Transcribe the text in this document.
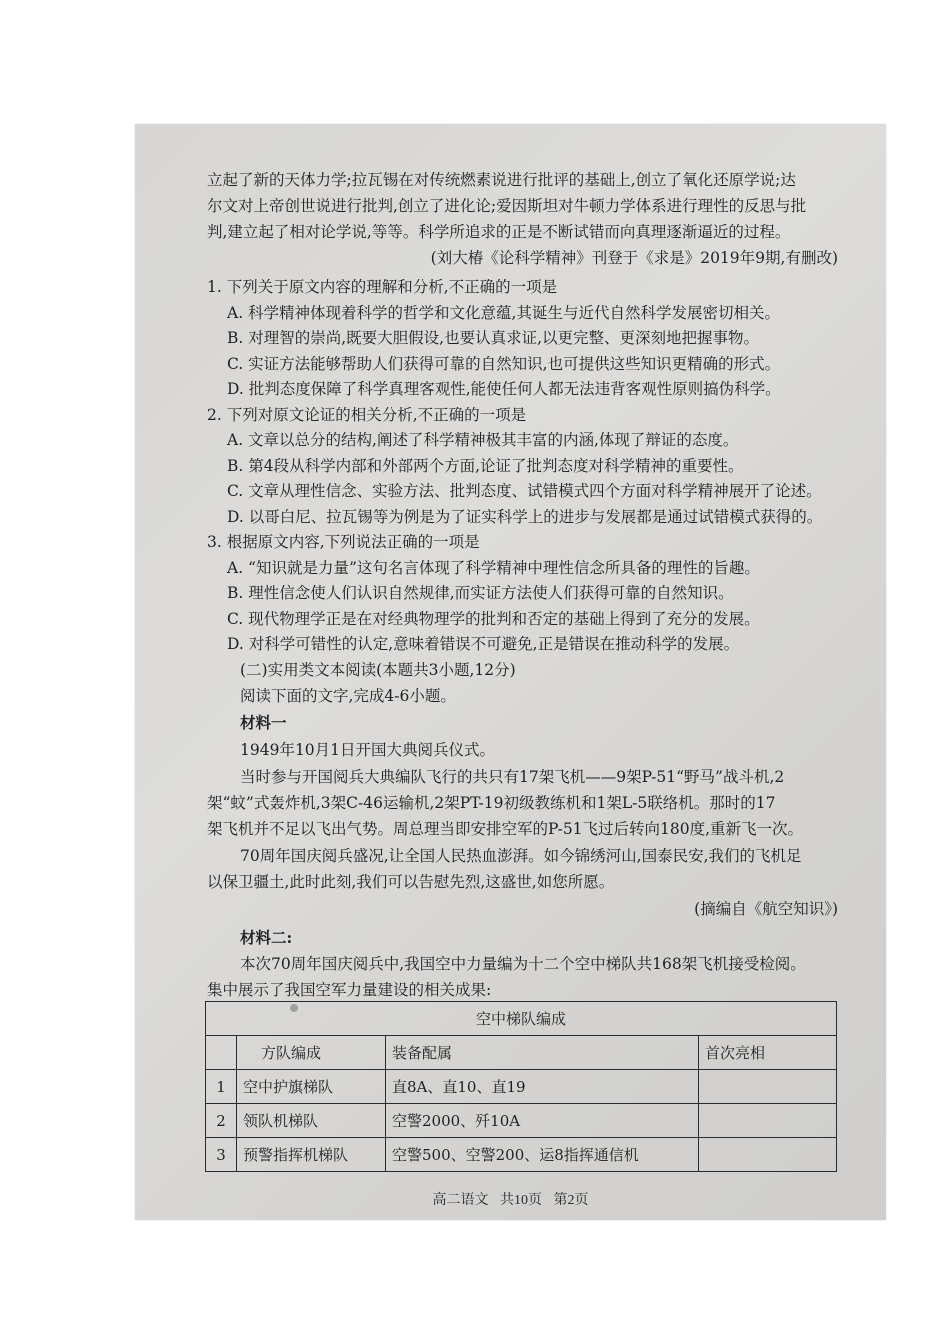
立起了新的天体力学;拉瓦锡在对传统燃素说进行批评的基础上,创立了氧化还原学说;达
尔文对上帝创世说进行批判,创立了进化论;爱因斯坦对牛顿力学体系进行理性的反思与批
判,建立起了相对论学说,等等。科学所追求的正是不断试错而向真理逐渐逼近的过程。
(刘大椿《论科学精神》刊登于《求是》2019年9期,有删改)
1. 下列关于原文内容的理解和分析,不正确的一项是
A. 科学精神体现着科学的哲学和文化意蕴,其诞生与近代自然科学发展密切相关。
B. 对理智的崇尚,既要大胆假设,也要认真求证,以更完整、更深刻地把握事物。
C. 实证方法能够帮助人们获得可靠的自然知识,也可提供这些知识更精确的形式。
D. 批判态度保障了科学真理客观性,能使任何人都无法违背客观性原则搞伪科学。
2. 下列对原文论证的相关分析,不正确的一项是
A. 文章以总分的结构,阐述了科学精神极其丰富的内涵,体现了辩证的态度。
B. 第4段从科学内部和外部两个方面,论证了批判态度对科学精神的重要性。
C. 文章从理性信念、实验方法、批判态度、试错模式四个方面对科学精神展开了论述。
D. 以哥白尼、拉瓦锡等为例是为了证实科学上的进步与发展都是通过试错模式获得的。
3. 根据原文内容,下列说法正确的一项是
A. “知识就是力量”这句名言体现了科学精神中理性信念所具备的理性的旨趣。
B. 理性信念使人们认识自然规律,而实证方法使人们获得可靠的自然知识。
C. 现代物理学正是在对经典物理学的批判和否定的基础上得到了充分的发展。
D. 对科学可错性的认定,意味着错误不可避免,正是错误在推动科学的发展。
(二)实用类文本阅读(本题共3小题,12分)
阅读下面的文字,完成4-6小题。
材料一
1949年10月1日开国大典阅兵仪式。
当时参与开国阅兵大典编队飞行的共只有17架飞机——9架P-51“野马”战斗机,2
架“蚊”式轰炸机,3架C-46运输机,2架PT-19初级教练机和1架L-5联络机。那时的17
架飞机并不足以飞出气势。周总理当即安排空军的P-51飞过后转向180度,重新飞一次。
70周年国庆阅兵盛况,让全国人民热血澎湃。如今锦绣河山,国泰民安,我们的飞机足
以保卫疆土,此时此刻,我们可以告慰先烈,这盛世,如您所愿。
(摘编自《航空知识》)
材料二:
本次70周年国庆阅兵中,我国空中力量编为十二个空中梯队共168架飞机接受检阅。
集中展示了我国空军力量建设的相关成果:
空中梯队编成			
	方队编成	装备配属	首次亮相
1	空中护旗梯队	直8A、直10、直19	
2	领队机梯队	空警2000、歼10A	
3	预警指挥机梯队	空警500、空警200、运8指挥通信机	
高二语文 共10页 第2页
